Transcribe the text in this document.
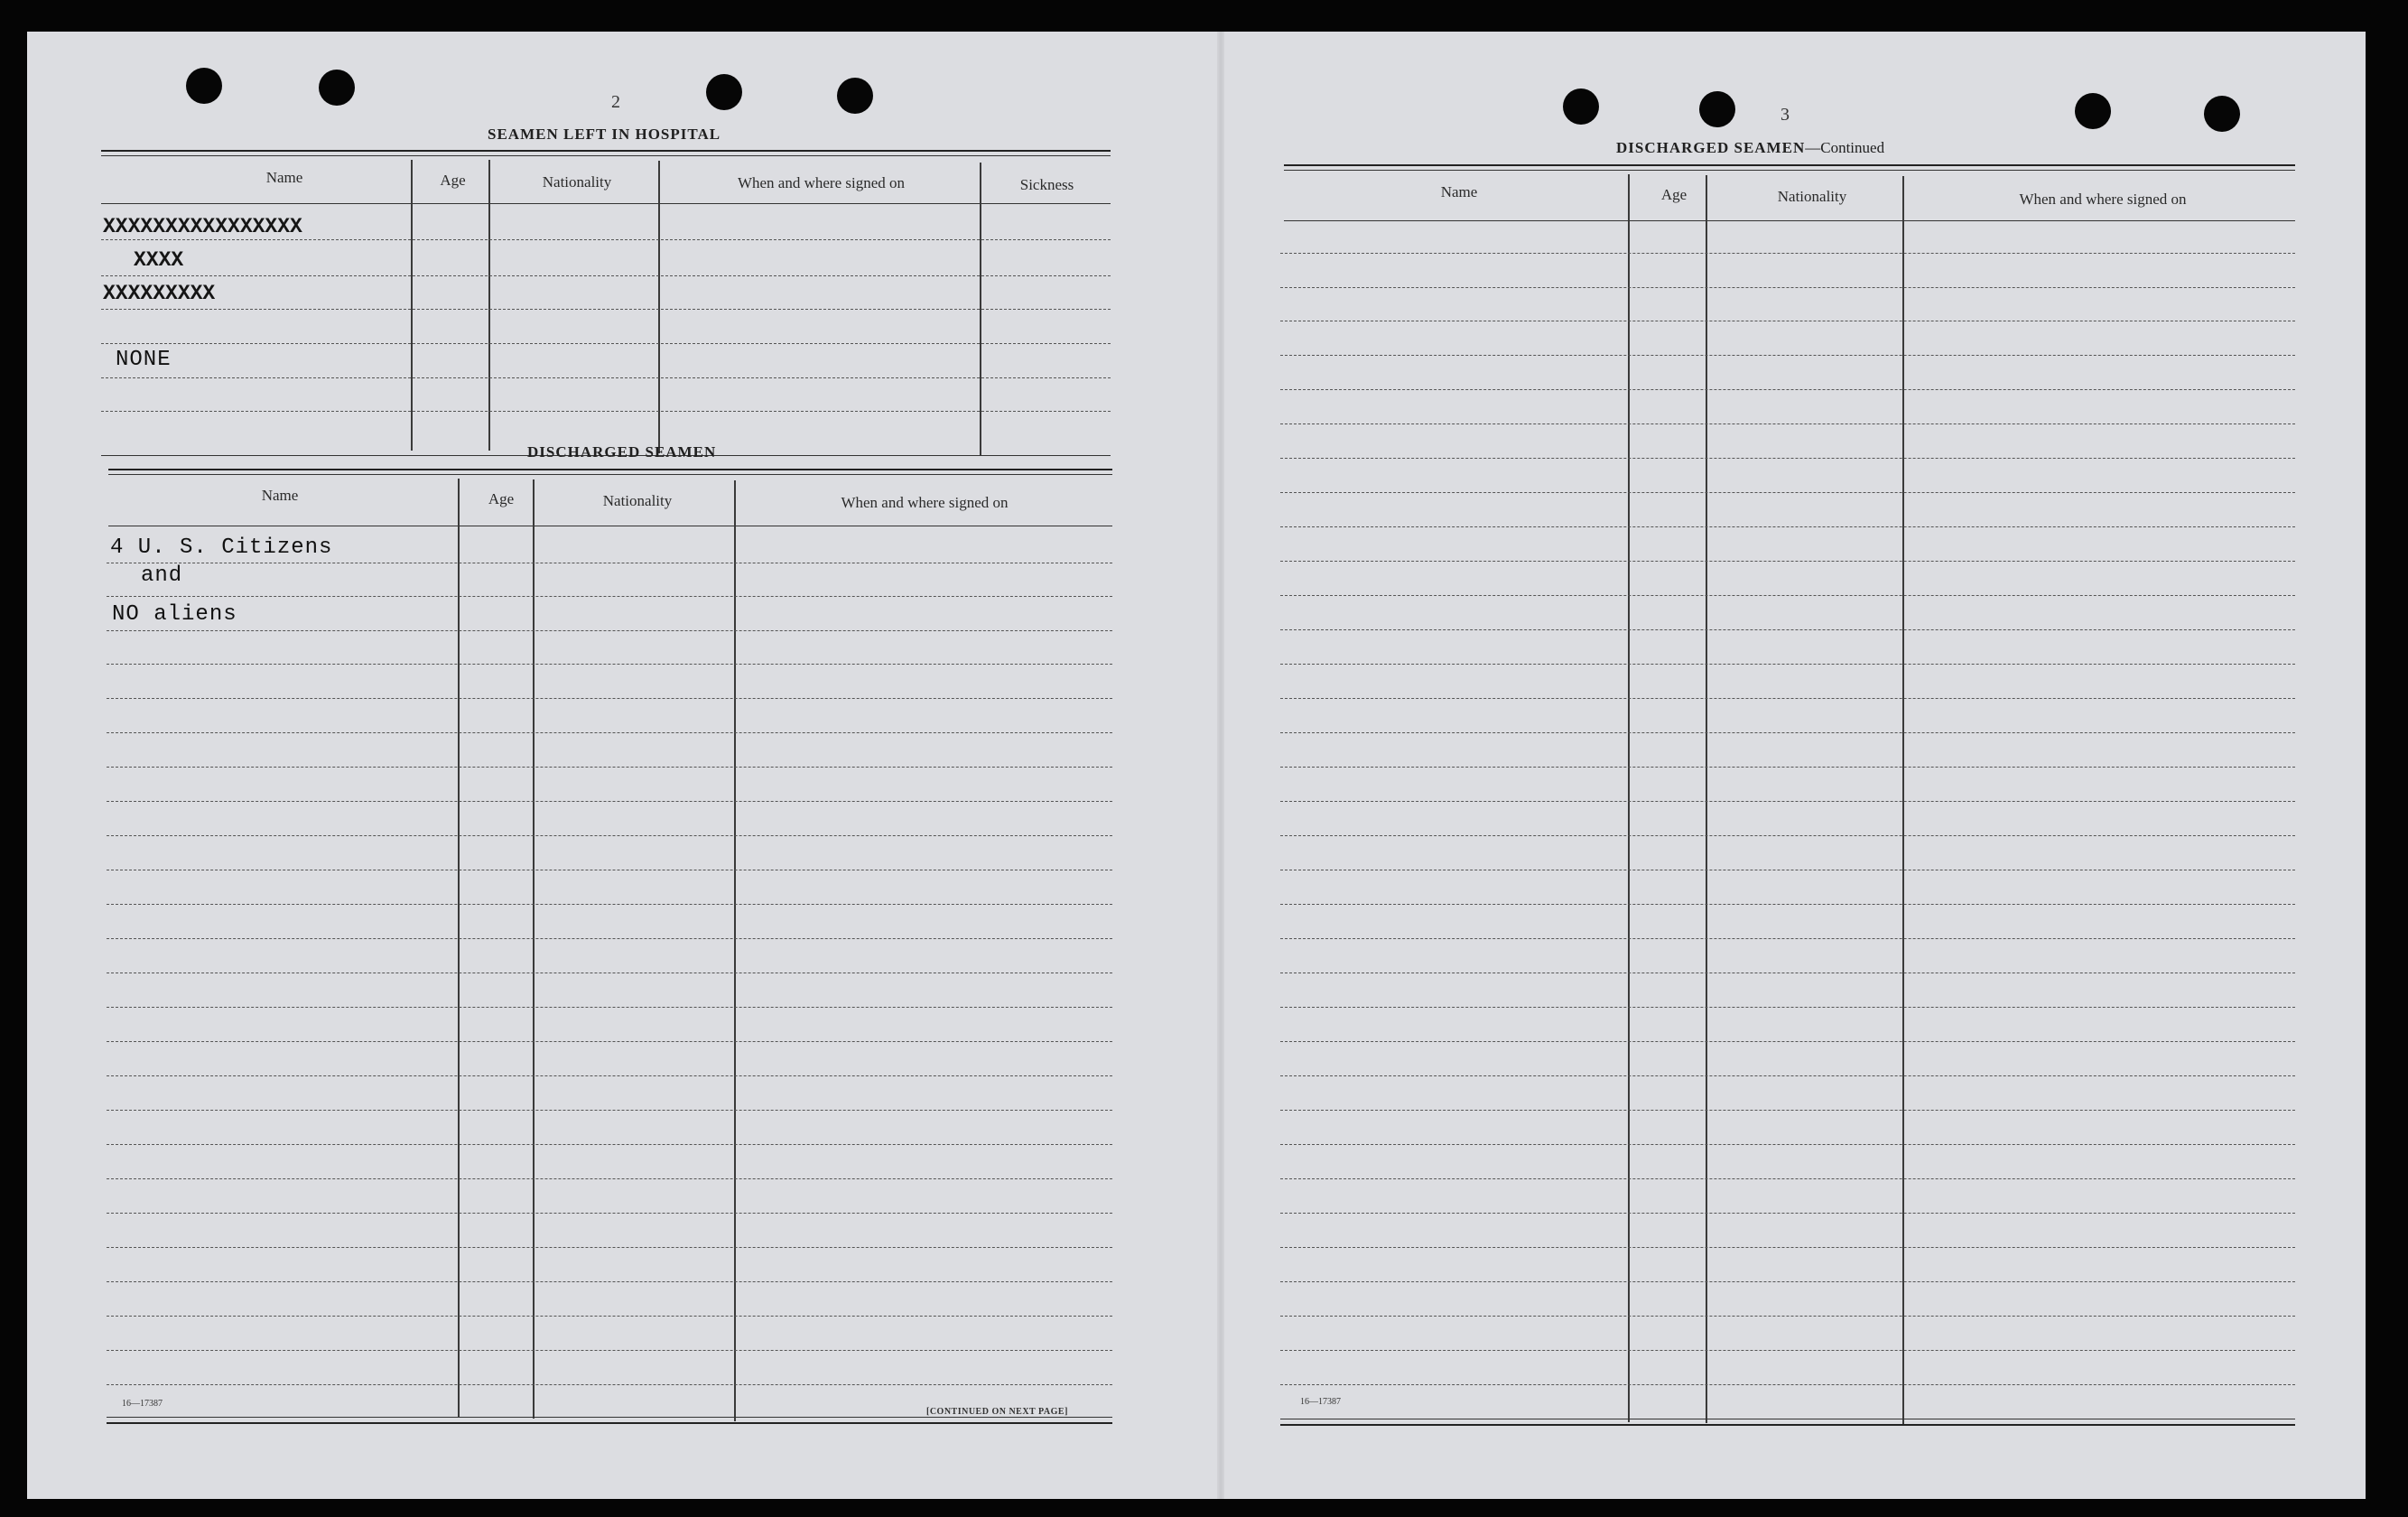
2
SEAMEN LEFT IN HOSPITAL
Name	Age	Nationality	When and where signed on	Sickness
XXXXXXXXXXXXXXXX
XXXX
XXXXXXXXX
NONE
DISCHARGED SEAMEN
Name	Age	Nationality	When and where signed on
4 U. S. Citizens
and
NO aliens
16—17387
[CONTINUED ON NEXT PAGE]
3
DISCHARGED SEAMEN—Continued
Name	Age	Nationality	When and where signed on
16—17387
